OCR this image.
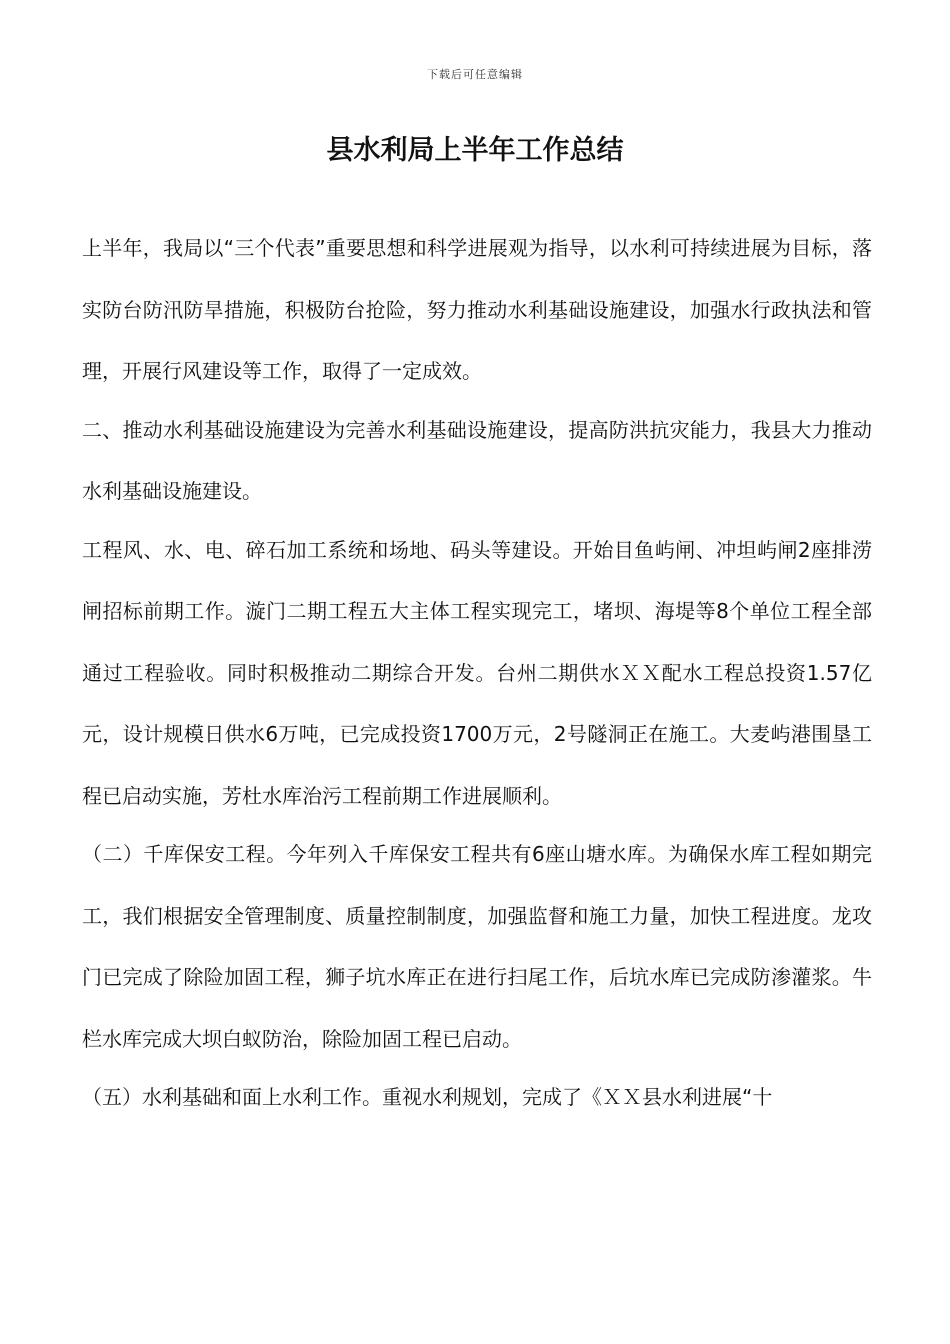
下载后可任意编辑
县水利局上半年工作总结

上半年，我局以“三个代表”重要思想和科学进展观为指导，以水利可持续进展为目标，落实防台防汛防旱措施，积极防台抢险，努力推动水利基础设施建设，加强水行政执法和管理，开展行风建设等工作，取得了一定成效。

二、推动水利基础设施建设为完善水利基础设施建设，提高防洪抗灾能力，我县大力推动水利基础设施建设。

工程风、水、电、碎石加工系统和场地、码头等建设。开始目鱼屿闸、冲坦屿闸2座排涝闸招标前期工作。漩门二期工程五大主体工程实现完工，堵坝、海堤等8个单位工程全部通过工程验收。同时积极推动二期综合开发。台州二期供水ＸＸ配水工程总投资1.57亿元，设计规模日供水6万吨，已完成投资1700万元，2号隧洞正在施工。大麦屿港围垦工程已启动实施，芳杜水库治污工程前期工作进展顺利。

（二）千库保安工程。今年列入千库保安工程共有6座山塘水库。为确保水库工程如期完工，我们根据安全管理制度、质量控制制度，加强监督和施工力量，加快工程进度。龙攻门已完成了除险加固工程，狮子坑水库正在进行扫尾工作，后坑水库已完成防渗灌浆。牛栏水库完成大坝白蚁防治，除险加固工程已启动。

（五）水利基础和面上水利工作。重视水利规划，完成了《ＸＸ县水利进展“十
